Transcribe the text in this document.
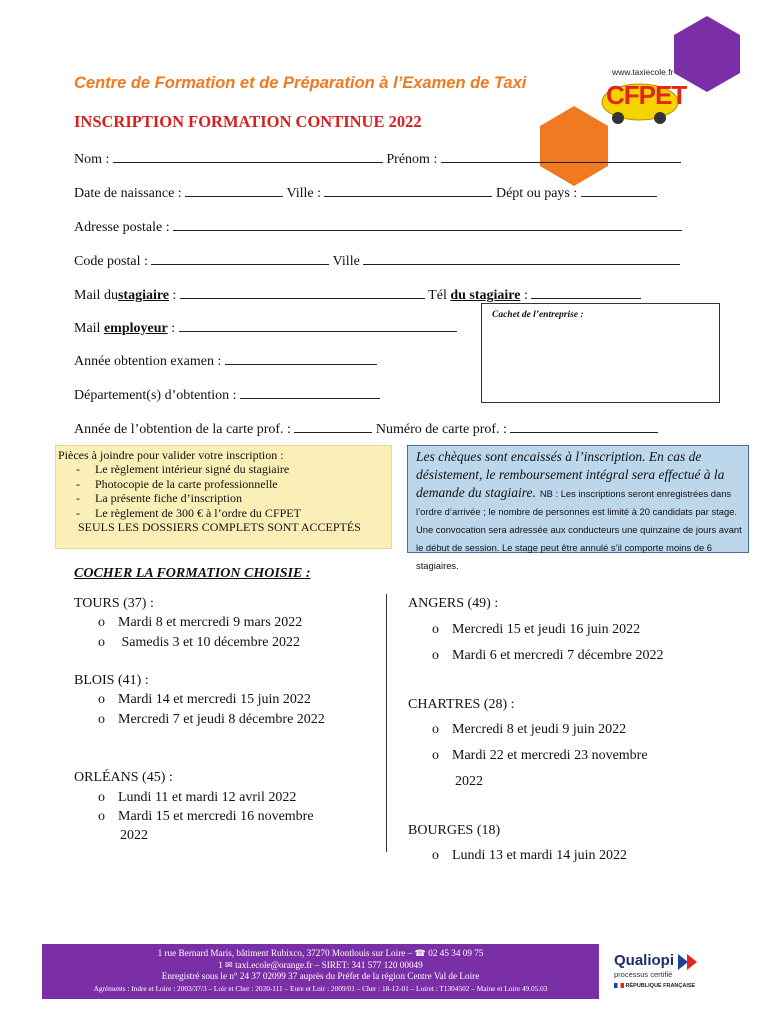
www.taxiecole.fr
CFPET
Centre de Formation et de Préparation à l’Examen de Taxi
INSCRIPTION FORMATION CONTINUE 2022
Nom :	Prénom :
Date de naissance :	Ville :	Dépt ou pays :
Adresse postale :
Code postal :	Ville
Mail dustagiaire :	Tél du stagiaire :
Mail employeur :
Cachet de l’entreprise :
Année obtention examen :
Département(s) d’obtention :
Année de l’obtention de la carte prof. :	Numéro de carte prof. :
Pièces à joindre pour valider votre inscription :
-     Le règlement intérieur signé du stagiaire
-     Photocopie de la carte professionnelle
-     La présente fiche d’inscription
-     Le règlement de 300 € à l’ordre du CFPET
SEULS LES DOSSIERS COMPLETS SONT ACCEPTÉS
Les chèques sont encaissés à l’inscription. En cas de désistement, le remboursement intégral sera effectué à la demande du stagiaire. NB : Les inscriptions seront enregistrées dans l’ordre d’arrivée ; le nombre de personnes est limité à 20 candidats par stage. Une convocation sera adressée aux conducteurs une quinzaine de jours avant le début de session. Le stage peut être annulé s’il comporte moins de 6 stagiaires.
COCHER LA FORMATION CHOISIE :
TOURS (37) :
o Mardi 8 et mercredi 9 mars 2022
o Samedis 3 et 10 décembre 2022
BLOIS (41) :
o Mardi 14 et mercredi 15 juin 2022
o Mercredi 7 et jeudi 8 décembre 2022
ORLÉANS (45) :
o Lundi 11 et mardi 12 avril 2022
o Mardi 15 et mercredi 16 novembre
2022
ANGERS (49) :
o Mercredi 15 et jeudi 16 juin 2022
o Mardi 6 et mercredi 7 décembre 2022
CHARTRES (28) :
o Mercredi 8 et jeudi 9 juin 2022
o Mardi 22 et mercredi 23 novembre
2022
BOURGES (18)
o Lundi 13 et mardi 14 juin 2022
1 rue Bernard Maris, bâtiment Rubixco, 37270 Montlouis sur Loire – ☎ 02 45 34 09 75
1 ✉ taxi.ecole@orange.fr – SIRET: 341 577 120 00049
Enregistré sous le n° 24 37 02099 37 auprès du Préfet de la région Centre Val de Loire
Agréments : Indre et Loire : 2003/37/3 – Loir et Cher : 2020-111 – Eure et Loir : 2009/01 – Cher : 18-12-01 – Loiret : T1304502 – Maine et Loire 49.05.03
Qualiopi
processus certifié
RÉPUBLIQUE FRANÇAISE
